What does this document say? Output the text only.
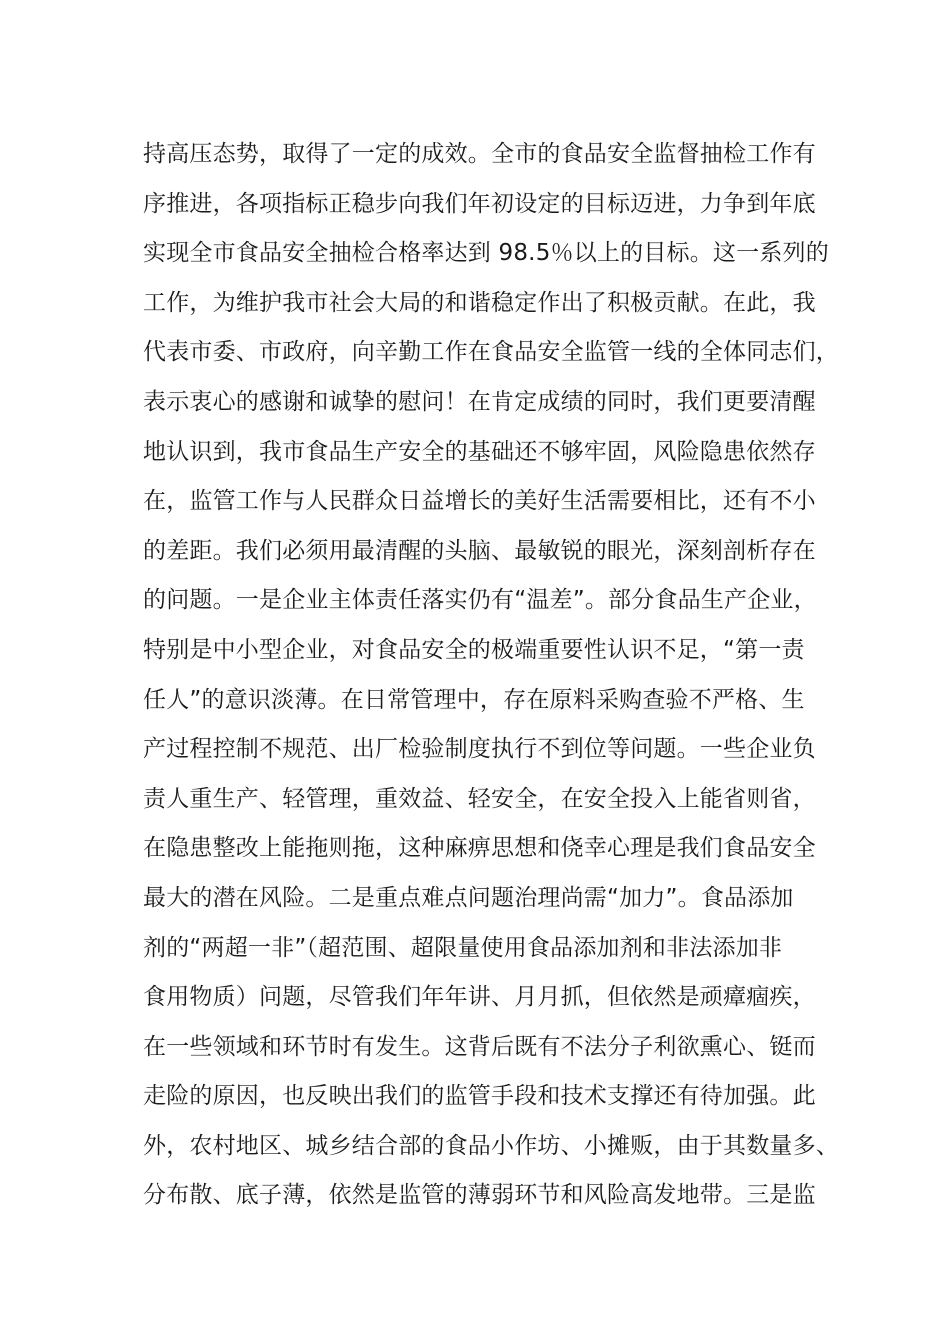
持高压态势，取得了一定的成效。全市的食品安全监督抽检工作有
序推进，各项指标正稳步向我们年初设定的目标迈进，力争到年底
实现全市食品安全抽检合格率达到 98.5％以上的目标。这一系列的
工作，为维护我市社会大局的和谐稳定作出了积极贡献。在此，我
代表市委、市政府，向辛勤工作在食品安全监管一线的全体同志们，
表示衷心的感谢和诚挚的慰问！在肯定成绩的同时，我们更要清醒
地认识到，我市食品生产安全的基础还不够牢固，风险隐患依然存
在，监管工作与人民群众日益增长的美好生活需要相比，还有不小
的差距。我们必须用最清醒的头脑、最敏锐的眼光，深刻剖析存在
的问题。一是企业主体责任落实仍有“温差”。部分食品生产企业，
特别是中小型企业，对食品安全的极端重要性认识不足，“第一责
任人”的意识淡薄。在日常管理中，存在原料采购查验不严格、生
产过程控制不规范、出厂检验制度执行不到位等问题。一些企业负
责人重生产、轻管理，重效益、轻安全，在安全投入上能省则省，
在隐患整改上能拖则拖，这种麻痹思想和侥幸心理是我们食品安全
最大的潜在风险。二是重点难点问题治理尚需“加力”。食品添加
剂的“两超一非”（超范围、超限量使用食品添加剂和非法添加非
食用物质）问题，尽管我们年年讲、月月抓，但依然是顽瘴痼疾，
在一些领域和环节时有发生。这背后既有不法分子利欲熏心、铤而
走险的原因，也反映出我们的监管手段和技术支撑还有待加强。此
外，农村地区、城乡结合部的食品小作坊、小摊贩，由于其数量多、
分布散、底子薄，依然是监管的薄弱环节和风险高发地带。三是监
